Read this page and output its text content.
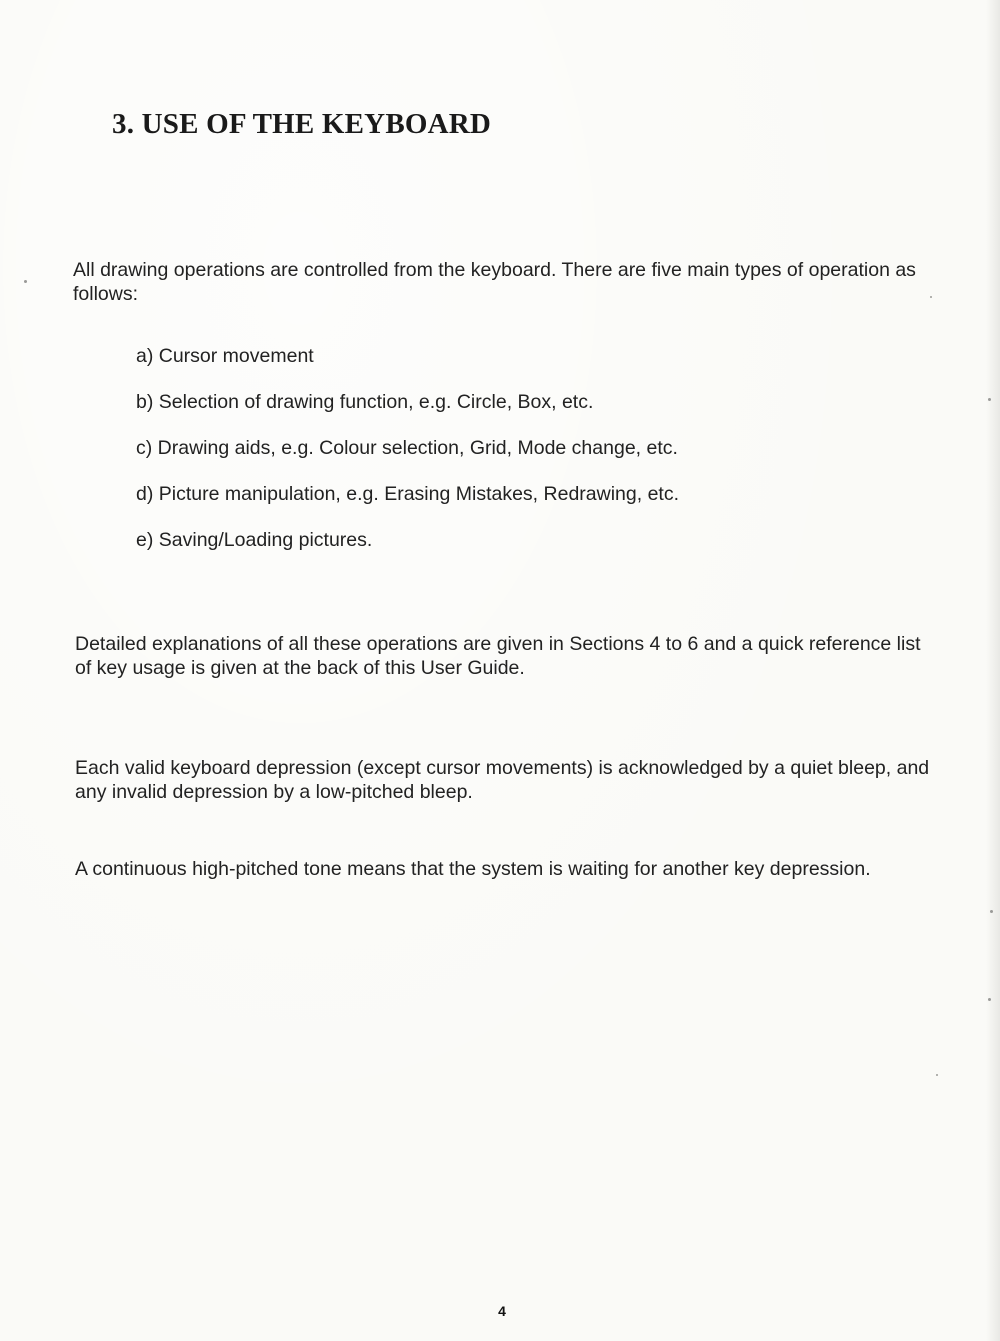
3. USE OF THE KEYBOARD

All drawing operations are controlled from the keyboard. There are five main types of operation as follows:

a) Cursor movement
b) Selection of drawing function, e.g. Circle, Box, etc.
c) Drawing aids, e.g. Colour selection, Grid, Mode change, etc.
d) Picture manipulation, e.g. Erasing Mistakes, Redrawing, etc.
e) Saving/Loading pictures.

Detailed explanations of all these operations are given in Sections 4 to 6 and a quick reference list of key usage is given at the back of this User Guide.

Each valid keyboard depression (except cursor movements) is acknowledged by a quiet bleep, and any invalid depression by a low-pitched bleep.

A continuous high-pitched tone means that the system is waiting for another key depression.

4
